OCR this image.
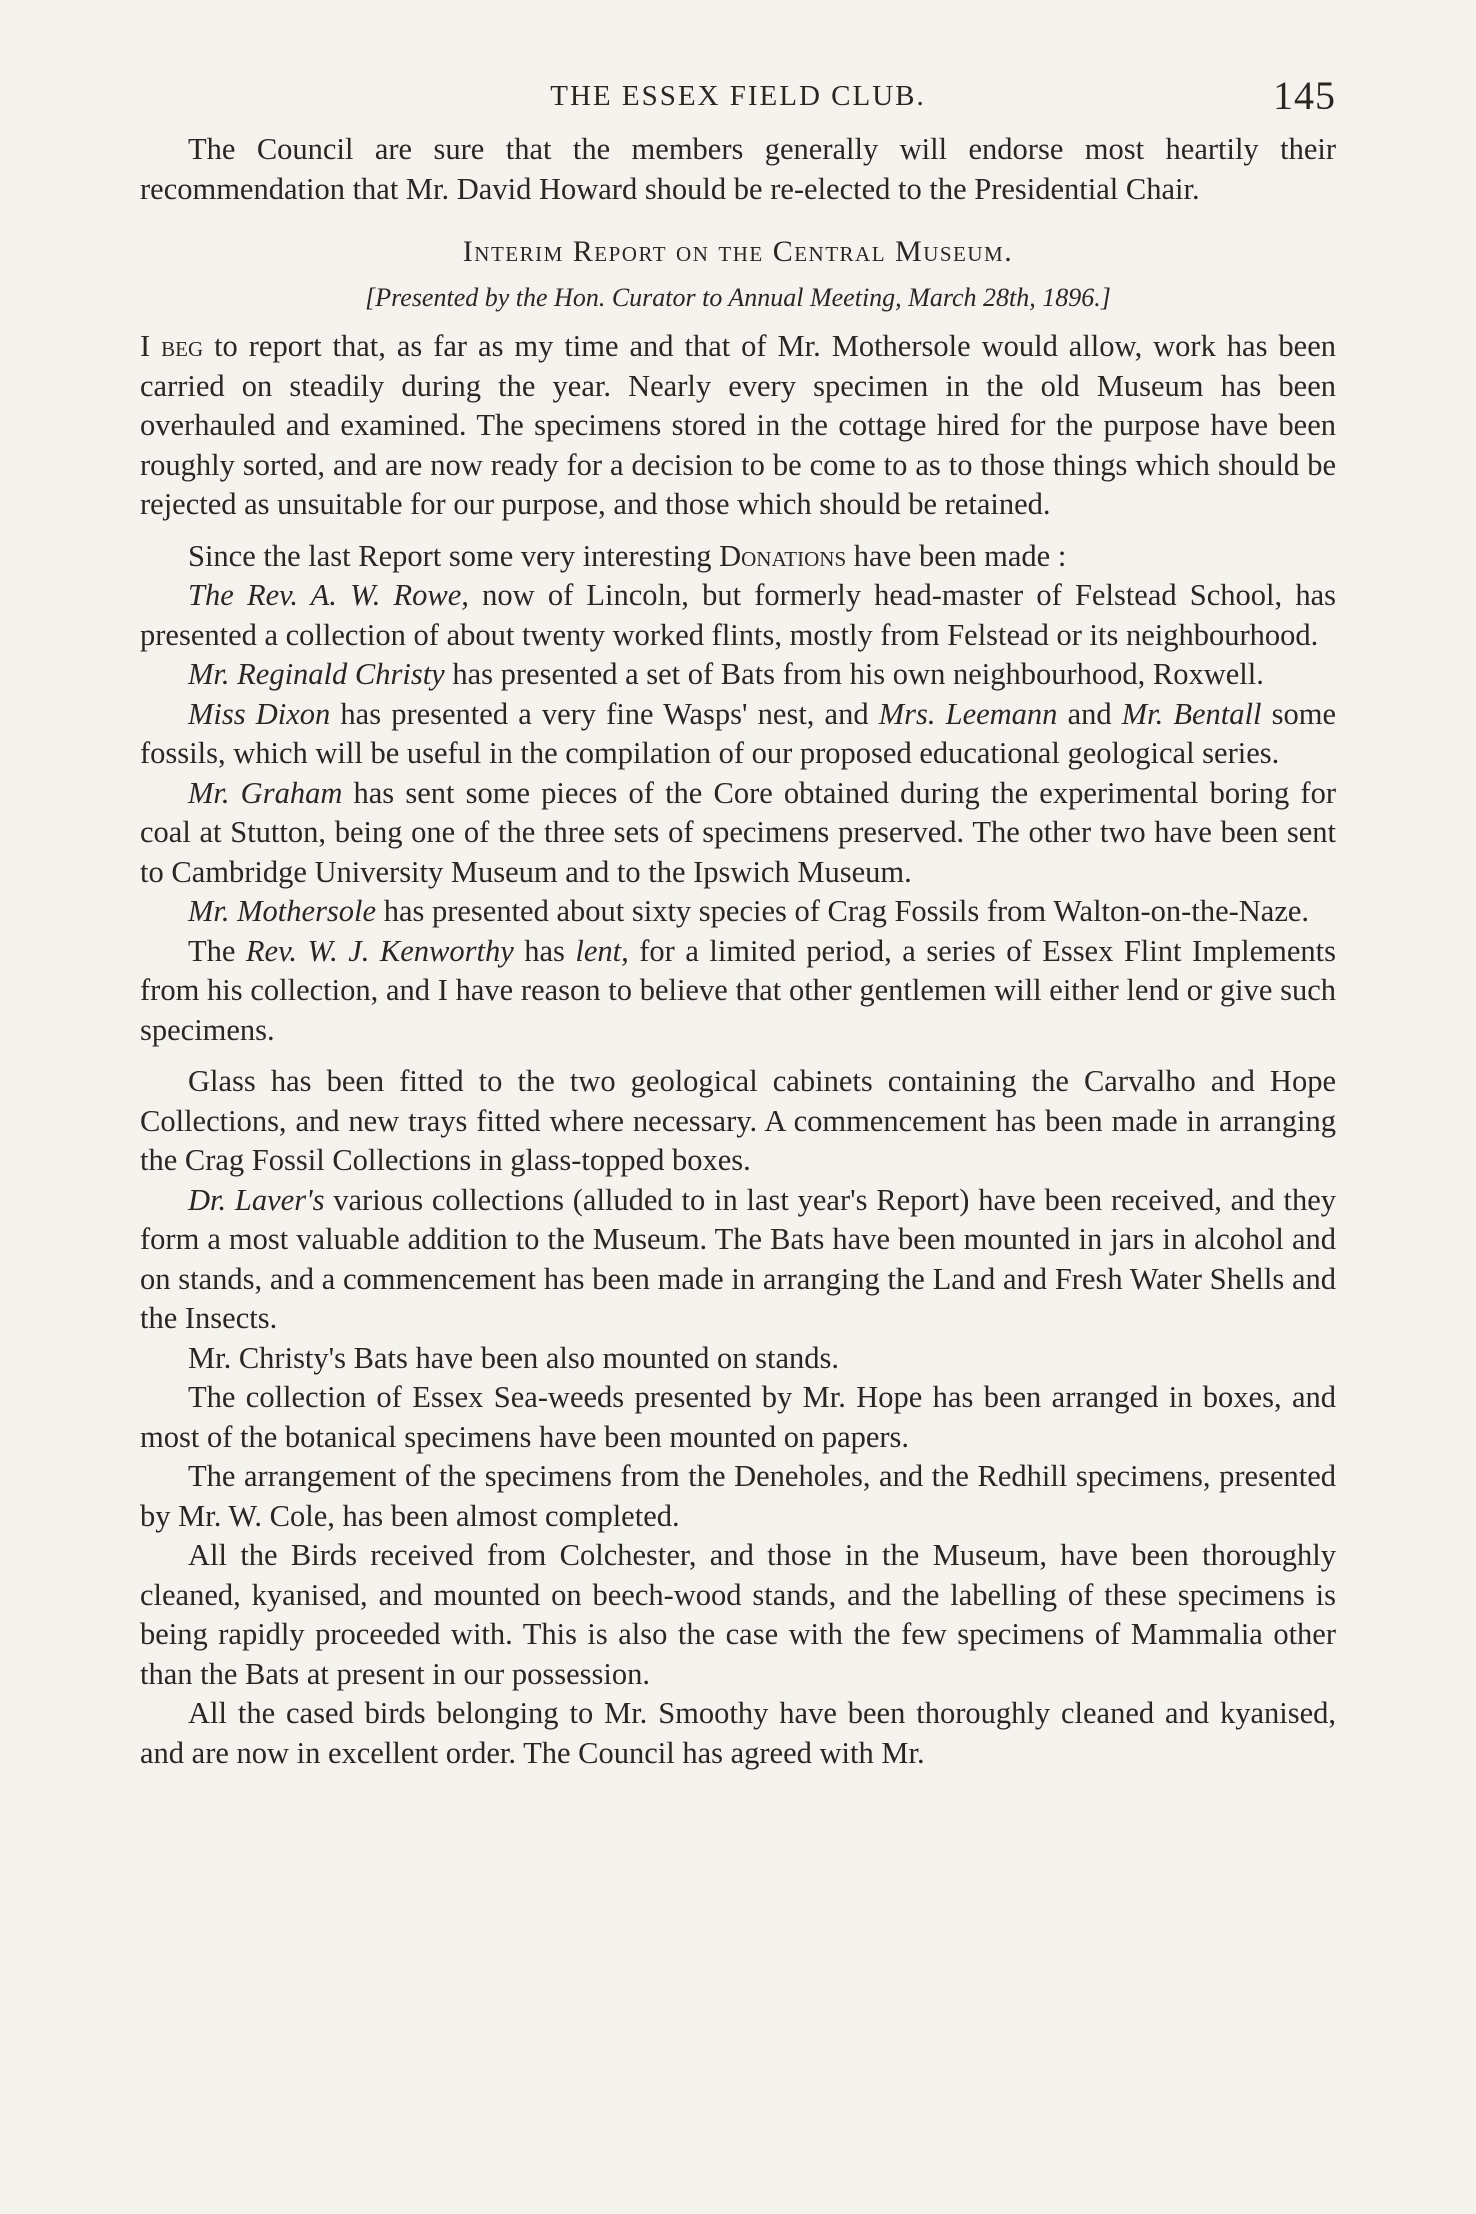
THE ESSEX FIELD CLUB.	145

The Council are sure that the members generally will endorse most heartily their recommendation that Mr. David Howard should be re-elected to the Presidential Chair.

Interim Report on the Central Museum.
[Presented by the Hon. Curator to Annual Meeting, March 28th, 1896.]

I beg to report that, as far as my time and that of Mr. Mothersole would allow, work has been carried on steadily during the year. Nearly every specimen in the old Museum has been overhauled and examined. The specimens stored in the cottage hired for the purpose have been roughly sorted, and are now ready for a decision to be come to as to those things which should be rejected as unsuitable for our purpose, and those which should be retained.

Since the last Report some very interesting Donations have been made :

The Rev. A. W. Rowe, now of Lincoln, but formerly head-master of Felstead School, has presented a collection of about twenty worked flints, mostly from Felstead or its neighbourhood.

Mr. Reginald Christy has presented a set of Bats from his own neighbourhood, Roxwell.

Miss Dixon has presented a very fine Wasps' nest, and Mrs. Leemann and Mr. Bentall some fossils, which will be useful in the compilation of our proposed educational geological series.

Mr. Graham has sent some pieces of the Core obtained during the experimental boring for coal at Stutton, being one of the three sets of specimens preserved. The other two have been sent to Cambridge University Museum and to the Ipswich Museum.

Mr. Mothersole has presented about sixty species of Crag Fossils from Walton-on-the-Naze.

The Rev. W. J. Kenworthy has lent, for a limited period, a series of Essex Flint Implements from his collection, and I have reason to believe that other gentlemen will either lend or give such specimens.

Glass has been fitted to the two geological cabinets containing the Carvalho and Hope Collections, and new trays fitted where necessary. A commencement has been made in arranging the Crag Fossil Collections in glass-topped boxes.

Dr. Laver's various collections (alluded to in last year's Report) have been received, and they form a most valuable addition to the Museum. The Bats have been mounted in jars in alcohol and on stands, and a commencement has been made in arranging the Land and Fresh Water Shells and the Insects.

Mr. Christy's Bats have been also mounted on stands.

The collection of Essex Sea-weeds presented by Mr. Hope has been arranged in boxes, and most of the botanical specimens have been mounted on papers.

The arrangement of the specimens from the Deneholes, and the Redhill specimens, presented by Mr. W. Cole, has been almost completed.

All the Birds received from Colchester, and those in the Museum, have been thoroughly cleaned, kyanised, and mounted on beech-wood stands, and the labelling of these specimens is being rapidly proceeded with. This is also the case with the few specimens of Mammalia other than the Bats at present in our possession.

All the cased birds belonging to Mr. Smoothy have been thoroughly cleaned and kyanised, and are now in excellent order. The Council has agreed with Mr.
